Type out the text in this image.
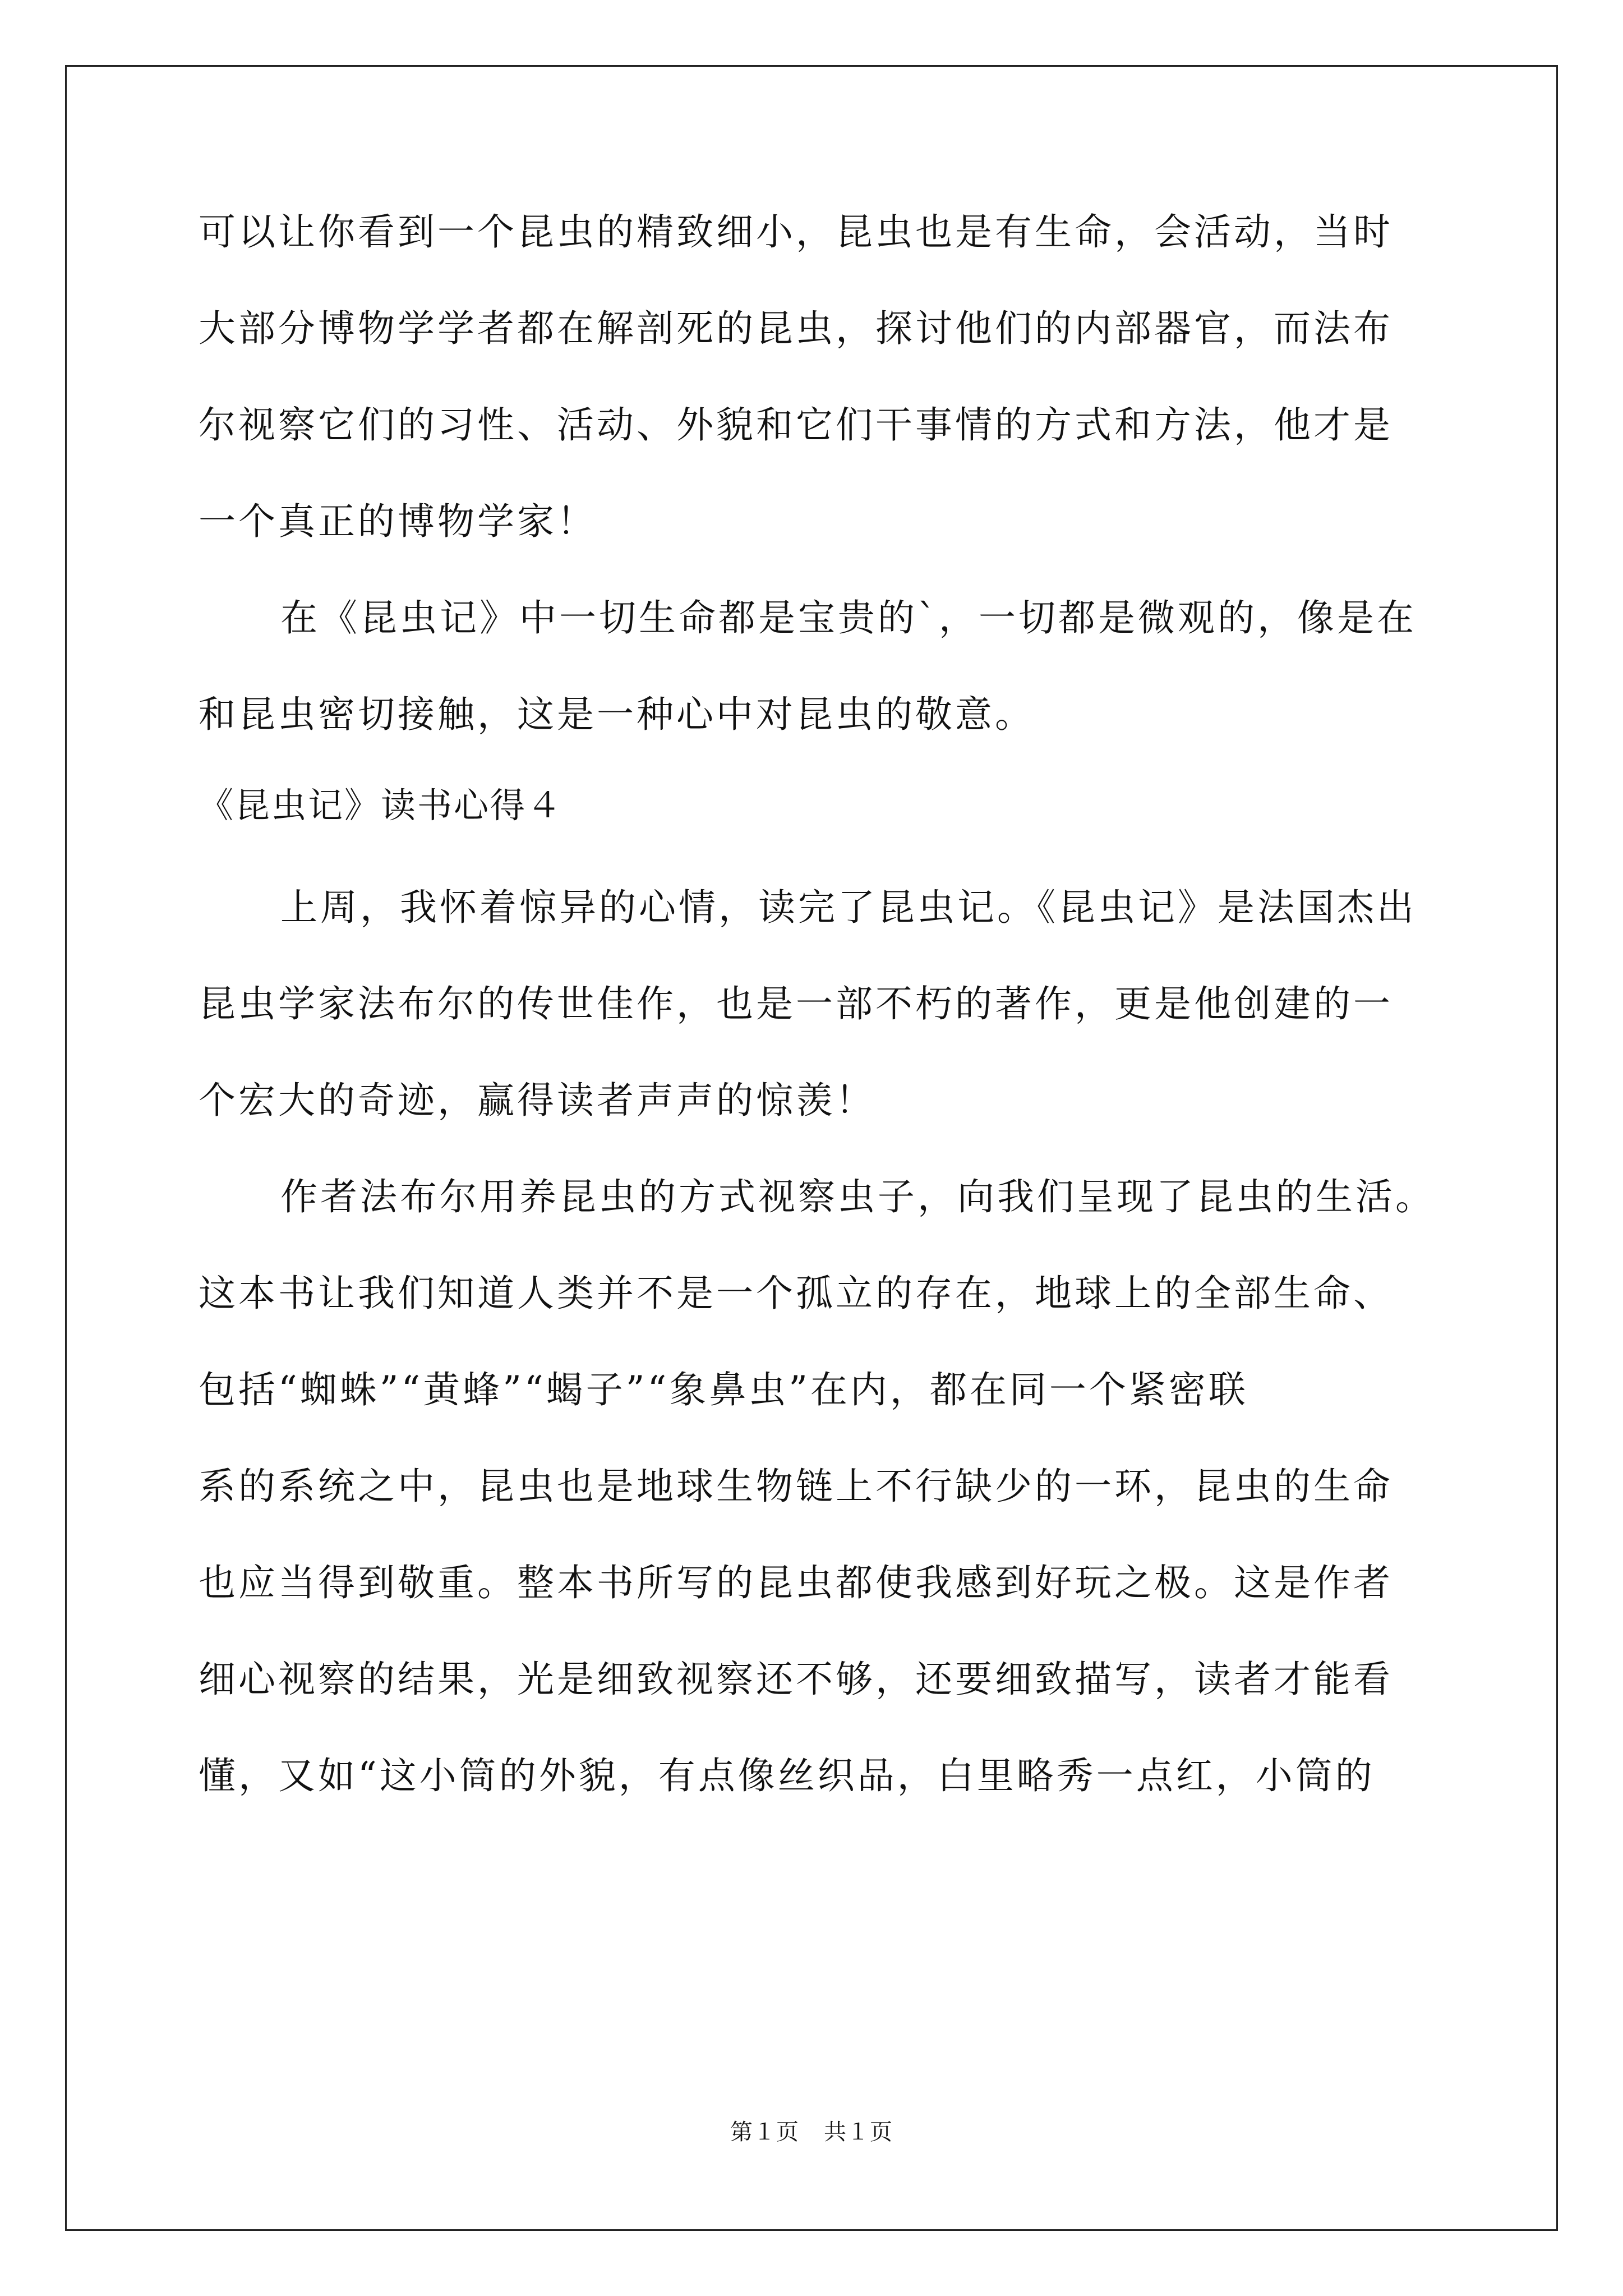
可以让你看到一个昆虫的精致细小，昆虫也是有生命，会活动，当时
大部分博物学学者都在解剖死的昆虫，探讨他们的内部器官，而法布
尔视察它们的习性、活动、外貌和它们干事情的方式和方法，他才是
一个真正的博物学家！
在《昆虫记》中一切生命都是宝贵的`，一切都是微观的，像是在
和昆虫密切接触，这是一种心中对昆虫的敬意。
《昆虫记》读书心得４
上周，我怀着惊异的心情，读完了昆虫记。《昆虫记》是法国杰出
昆虫学家法布尔的传世佳作，也是一部不朽的著作，更是他创建的一
个宏大的奇迹，赢得读者声声的惊羡！
作者法布尔用养昆虫的方式视察虫子，向我们呈现了昆虫的生活。
这本书让我们知道人类并不是一个孤立的存在，地球上的全部生命、
包括“蜘蛛”“黄蜂”“蝎子”“象鼻虫”在内，都在同一个紧密联
系的系统之中，昆虫也是地球生物链上不行缺少的一环，昆虫的生命
也应当得到敬重。整本书所写的昆虫都使我感到好玩之极。这是作者
细心视察的结果，光是细致视察还不够，还要细致描写，读者才能看
懂，又如“这小筒的外貌，有点像丝织品，白里略秀一点红，小筒的
第１页 共１页
